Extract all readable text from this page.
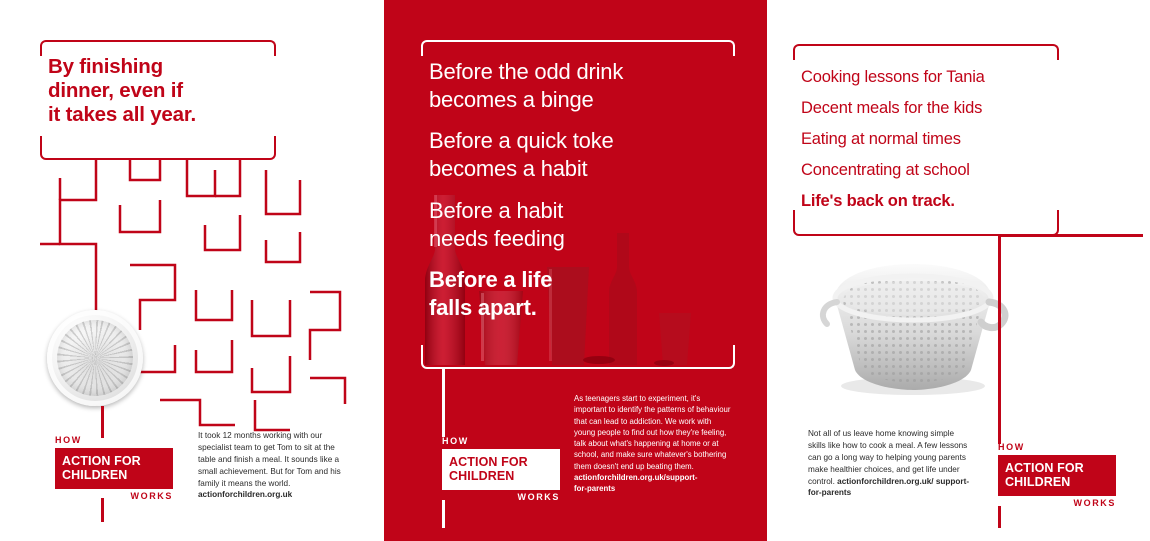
By finishing
dinner, even if
it takes all year.
HOW
ACTION FOR
CHILDREN
WORKS
It took 12 months working with our specialist team to get Tom to sit at the table and finish a meal. It sounds like a small achievement. But for Tom and his family it means the world. actionforchildren.org.uk
Before the odd drink
becomes a binge
Before a quick toke
becomes a habit
Before a habit
needs feeding
Before a life
falls apart.
HOW
ACTION FOR
CHILDREN
WORKS
As teenagers start to experiment, it's important to identify the patterns of behaviour that can lead to addiction. We work with young people to find out how they're feeling, talk about what's happening at home or at school, and make sure whatever's bothering them doesn't end up beating them. actionforchildren.org.uk/support-
for-parents
Cooking lessons for Tania
Decent meals for the kids
Eating at normal times
Concentrating at school
Life's back on track.
HOW
ACTION FOR
CHILDREN
WORKS
Not all of us leave home knowing simple skills like how to cook a meal. A few lessons can go a long way to helping young parents make healthier choices, and get life under control. actionforchildren.org.uk/ support-for-parents
